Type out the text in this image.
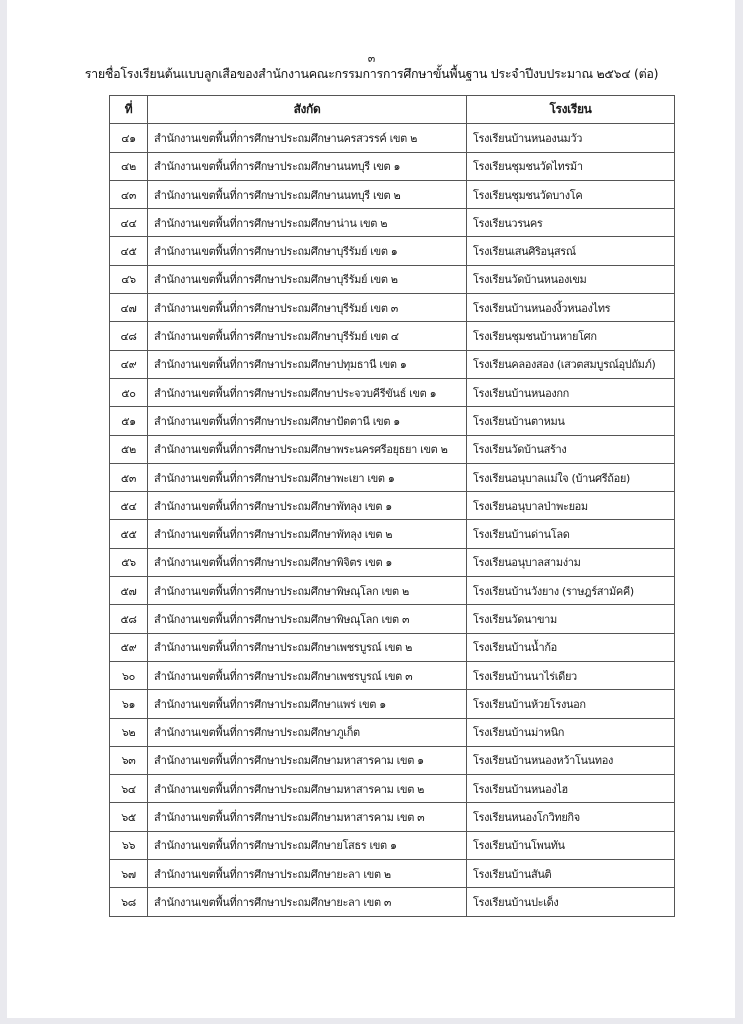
๓
รายชื่อโรงเรียนต้นแบบลูกเสือของสำนักงานคณะกรรมการการศึกษาขั้นพื้นฐาน ประจำปีงบประมาณ ๒๕๖๔ (ต่อ)
ที่	สังกัด	โรงเรียน
๔๑	สำนักงานเขตพื้นที่การศึกษาประถมศึกษานครสวรรค์ เขต ๒	โรงเรียนบ้านหนองนมวัว
๔๒	สำนักงานเขตพื้นที่การศึกษาประถมศึกษานนทบุรี เขต ๑	โรงเรียนชุมชนวัดไทรม้า
๔๓	สำนักงานเขตพื้นที่การศึกษาประถมศึกษานนทบุรี เขต ๒	โรงเรียนชุมชนวัดบางโค
๔๔	สำนักงานเขตพื้นที่การศึกษาประถมศึกษาน่าน เขต ๒	โรงเรียนวรนคร
๔๕	สำนักงานเขตพื้นที่การศึกษาประถมศึกษาบุรีรัมย์ เขต ๑	โรงเรียนเสนศิริอนุสรณ์
๔๖	สำนักงานเขตพื้นที่การศึกษาประถมศึกษาบุรีรัมย์ เขต ๒	โรงเรียนวัดบ้านหนองเขม
๔๗	สำนักงานเขตพื้นที่การศึกษาประถมศึกษาบุรีรัมย์ เขต ๓	โรงเรียนบ้านหนองงิ้วหนองไทร
๔๘	สำนักงานเขตพื้นที่การศึกษาประถมศึกษาบุรีรัมย์ เขต ๔	โรงเรียนชุมชนบ้านหายโศก
๔๙	สำนักงานเขตพื้นที่การศึกษาประถมศึกษาปทุมธานี เขต ๑	โรงเรียนคลองสอง (เสวตสมบูรณ์อุปถัมภ์)
๕๐	สำนักงานเขตพื้นที่การศึกษาประถมศึกษาประจวบคีรีขันธ์ เขต ๑	โรงเรียนบ้านหนองกก
๕๑	สำนักงานเขตพื้นที่การศึกษาประถมศึกษาปัตตานี เขต ๑	โรงเรียนบ้านตาหมน
๕๒	สำนักงานเขตพื้นที่การศึกษาประถมศึกษาพระนครศรีอยุธยา เขต ๒	โรงเรียนวัดบ้านสร้าง
๕๓	สำนักงานเขตพื้นที่การศึกษาประถมศึกษาพะเยา เขต ๑	โรงเรียนอนุบาลแม่ใจ (บ้านศรีถ้อย)
๕๔	สำนักงานเขตพื้นที่การศึกษาประถมศึกษาพัทลุง เขต ๑	โรงเรียนอนุบาลป่าพะยอม
๕๕	สำนักงานเขตพื้นที่การศึกษาประถมศึกษาพัทลุง เขต ๒	โรงเรียนบ้านด่านโลด
๕๖	สำนักงานเขตพื้นที่การศึกษาประถมศึกษาพิจิตร เขต ๑	โรงเรียนอนุบาลสามง่าม
๕๗	สำนักงานเขตพื้นที่การศึกษาประถมศึกษาพิษณุโลก เขต ๒	โรงเรียนบ้านวังยาง (ราษฎร์สามัคคี)
๕๘	สำนักงานเขตพื้นที่การศึกษาประถมศึกษาพิษณุโลก เขต ๓	โรงเรียนวัดนาขาม
๕๙	สำนักงานเขตพื้นที่การศึกษาประถมศึกษาเพชรบูรณ์ เขต ๒	โรงเรียนบ้านน้ำก้อ
๖๐	สำนักงานเขตพื้นที่การศึกษาประถมศึกษาเพชรบูรณ์ เขต ๓	โรงเรียนบ้านนาไร่เดียว
๖๑	สำนักงานเขตพื้นที่การศึกษาประถมศึกษาแพร่ เขต ๑	โรงเรียนบ้านห้วยโรงนอก
๖๒	สำนักงานเขตพื้นที่การศึกษาประถมศึกษาภูเก็ต	โรงเรียนบ้านม่าหนิก
๖๓	สำนักงานเขตพื้นที่การศึกษาประถมศึกษามหาสารคาม เขต ๑	โรงเรียนบ้านหนองหว้าโนนทอง
๖๔	สำนักงานเขตพื้นที่การศึกษาประถมศึกษามหาสารคาม เขต ๒	โรงเรียนบ้านหนองไฮ
๖๕	สำนักงานเขตพื้นที่การศึกษาประถมศึกษามหาสารคาม เขต ๓	โรงเรียนหนองโกวิทยกิจ
๖๖	สำนักงานเขตพื้นที่การศึกษาประถมศึกษายโสธร เขต ๑	โรงเรียนบ้านโพนทัน
๖๗	สำนักงานเขตพื้นที่การศึกษาประถมศึกษายะลา เขต ๒	โรงเรียนบ้านสันติ
๖๘	สำนักงานเขตพื้นที่การศึกษาประถมศึกษายะลา เขต ๓	โรงเรียนบ้านปะเด็ง
